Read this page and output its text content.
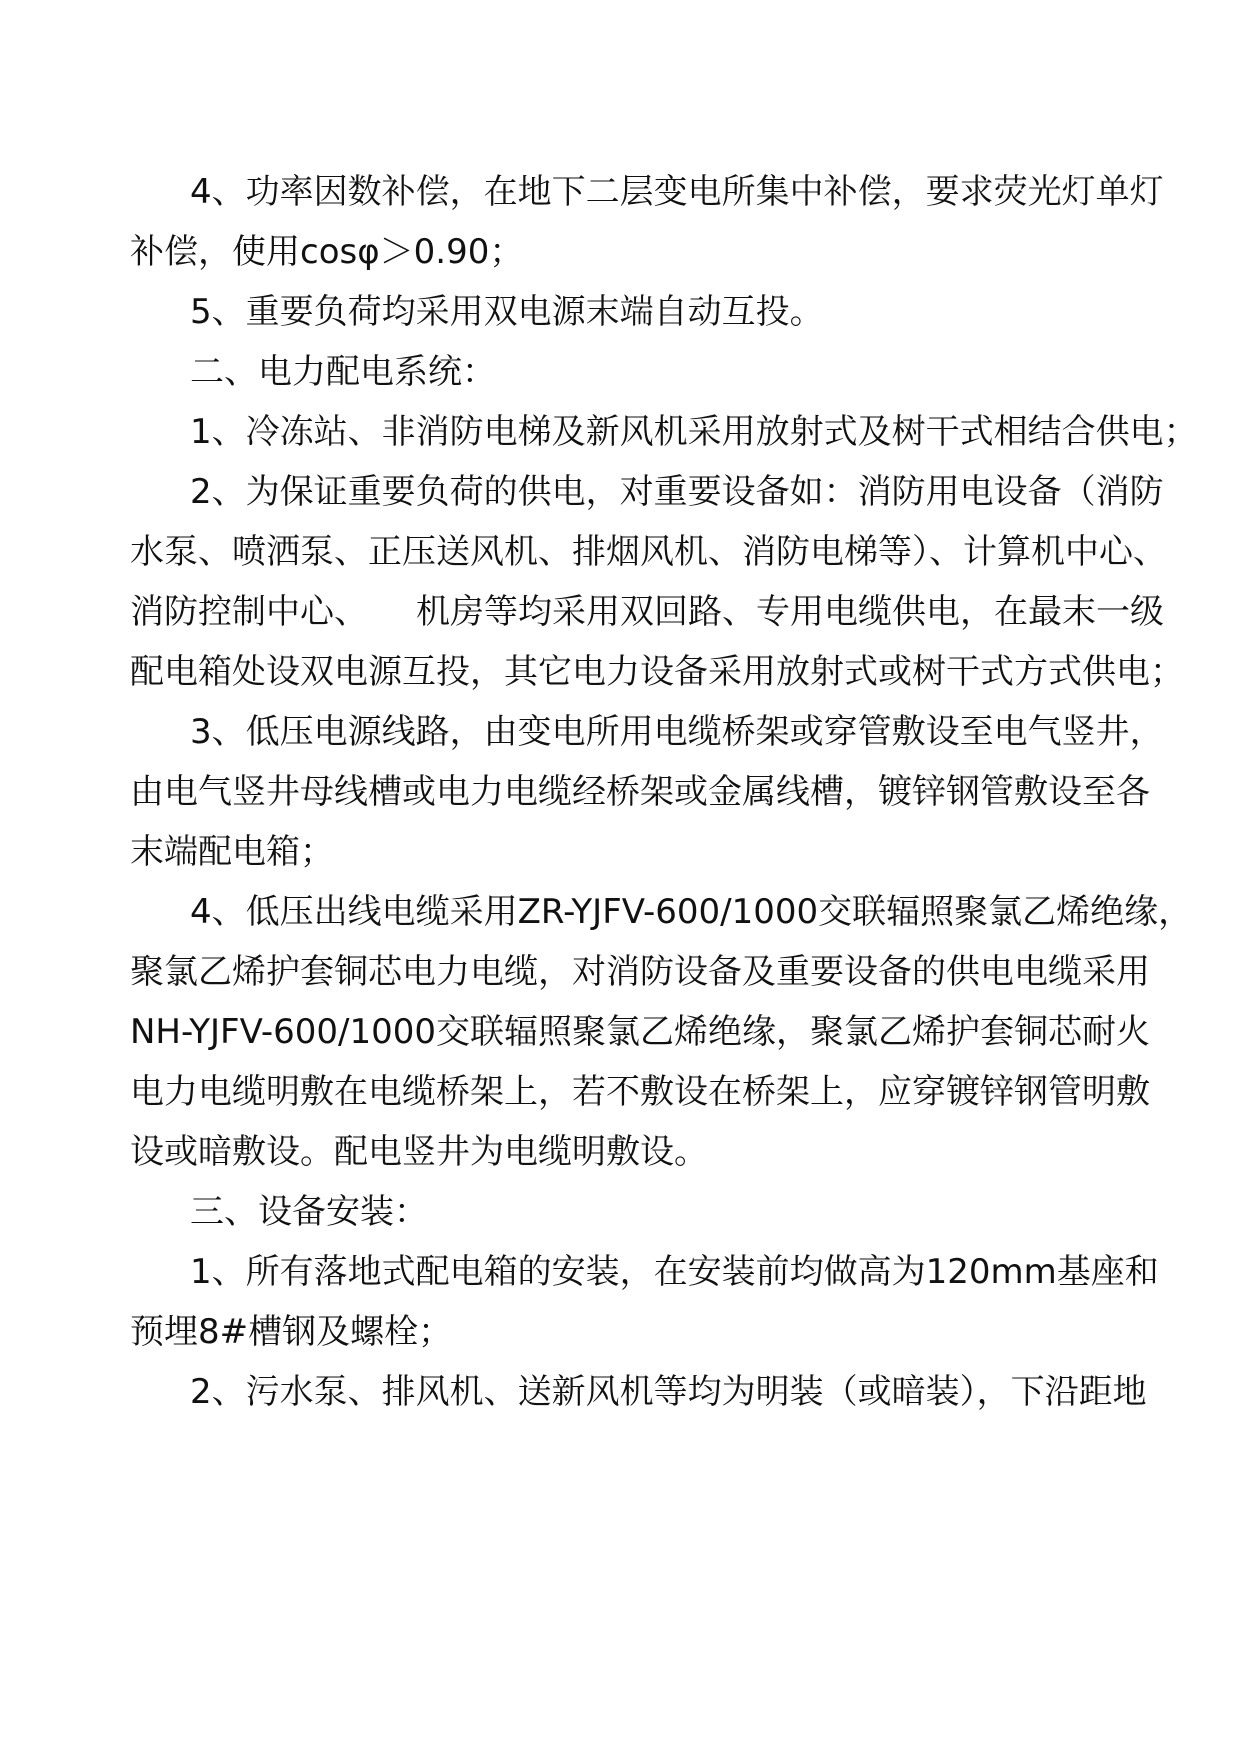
4、功率因数补偿，在地下二层变电所集中补偿，要求荧光灯单灯
补偿，使用cosφ＞0.90；
5、重要负荷均采用双电源末端自动互投。
二、电力配电系统：
1、冷冻站、非消防电梯及新风机采用放射式及树干式相结合供电；
2、为保证重要负荷的供电，对重要设备如：消防用电设备（消防
水泵、喷洒泵、正压送风机、排烟风机、消防电梯等）、计算机中心、
消防控制中心、 机房等均采用双回路、专用电缆供电，在最末一级
配电箱处设双电源互投，其它电力设备采用放射式或树干式方式供电；
3、低压电源线路，由变电所用电缆桥架或穿管敷设至电气竖井，
由电气竖井母线槽或电力电缆经桥架或金属线槽，镀锌钢管敷设至各
末端配电箱；
4、低压出线电缆采用ZR-YJFV-600/1000交联辐照聚氯乙烯绝缘，
聚氯乙烯护套铜芯电力电缆，对消防设备及重要设备的供电电缆采用
NH-YJFV-600/1000交联辐照聚氯乙烯绝缘，聚氯乙烯护套铜芯耐火
电力电缆明敷在电缆桥架上，若不敷设在桥架上，应穿镀锌钢管明敷
设或暗敷设。配电竖井为电缆明敷设。
三、设备安装：
1、所有落地式配电箱的安装，在安装前均做高为120mm基座和
预埋8#槽钢及螺栓；
2、污水泵、排风机、送新风机等均为明装（或暗装），下沿距地
